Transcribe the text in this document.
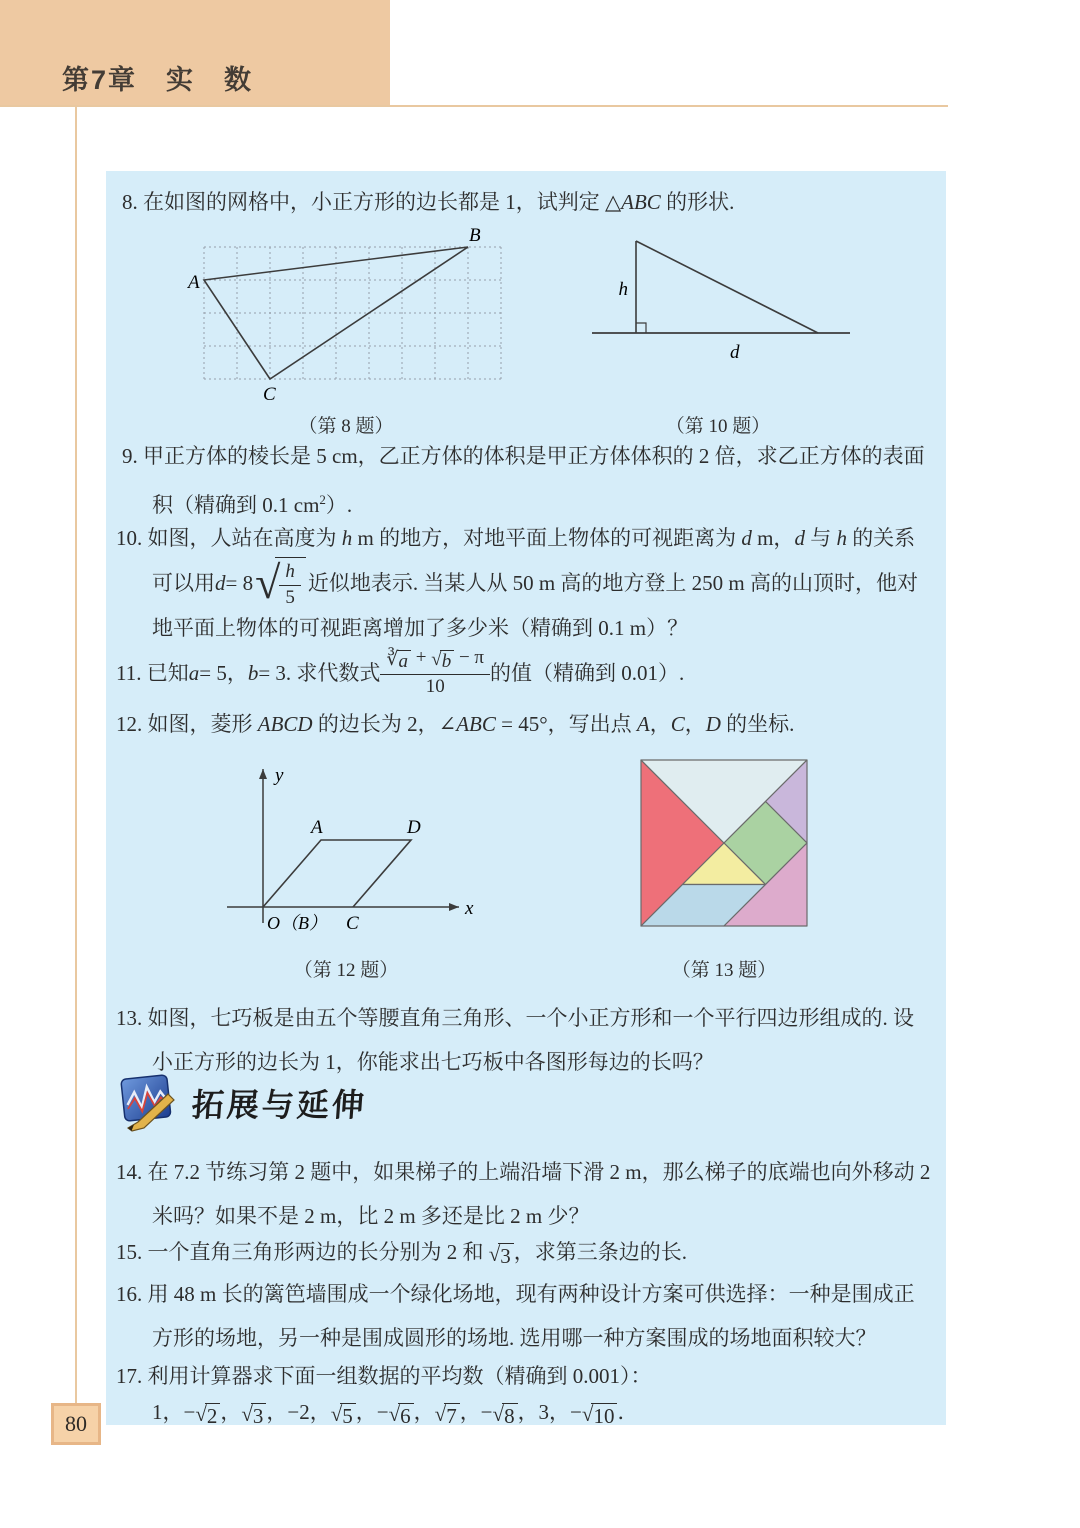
第7章　实　数
80
8. 在如图的网格中，小正方形的边长都是 1，试判定 △ABC 的形状.
A
B
C
（第 8 题）
h
d
（第 10 题）
9. 甲正方体的棱长是 5 cm，乙正方体的体积是甲正方体体积的 2 倍，求乙正方体的表面
积（精确到 0.1 $cm^2$）.
10. 如图，人站在高度为 h m 的地方，对地平面上物体的可视距离为 d m，d 与 h 的关系
可以用 d = 8 √ $\frac{h}{5}$ 近似地表示. 当某人从 50 m 高的地方登上 250 m 高的山顶时，他对
地平面上物体的可视距离增加了多少米（精确到 0.1 m）？
11. 已知 a = 5， b = 3. 求代数式 $\frac{∛ a + √ b - \pi}{10}$ 的值（精确到 0.01）.
12. 如图，菱形 ABCD 的边长为 2，∠ABC = 45°，写出点 A，C，D 的坐标.
y
x
O（B） C
A	D
（第 12 题）	（第 13 题）
13. 如图，七巧板是由五个等腰直角三角形、一个小正方形和一个平行四边形组成的. 设
小正方形的边长为 1，你能求出七巧板中各图形每边的长吗？
拓展与延伸
14. 在 7.2 节练习第 2 题中，如果梯子的上端沿墙下滑 2 m，那么梯子的底端也向外移动 2
米吗？如果不是 2 m，比 2 m 多还是比 2 m 少？
15. 一个直角三角形两边的长分别为 2 和 √ 3 ，求第三条边的长.
16. 用 48 m 长的篱笆墙围成一个绿化场地，现有两种设计方案可供选择：一种是围成正
方形的场地，另一种是围成圆形的场地. 选用哪一种方案围成的场地面积较大？
17. 利用计算器求下面一组数据的平均数（精确到 0.001）：
1，− √ 2 ， √ 3 ，−2， √ 5 ，− √ 6 ， √ 7 ，− √ 8 ，3，− √ 10 ．
